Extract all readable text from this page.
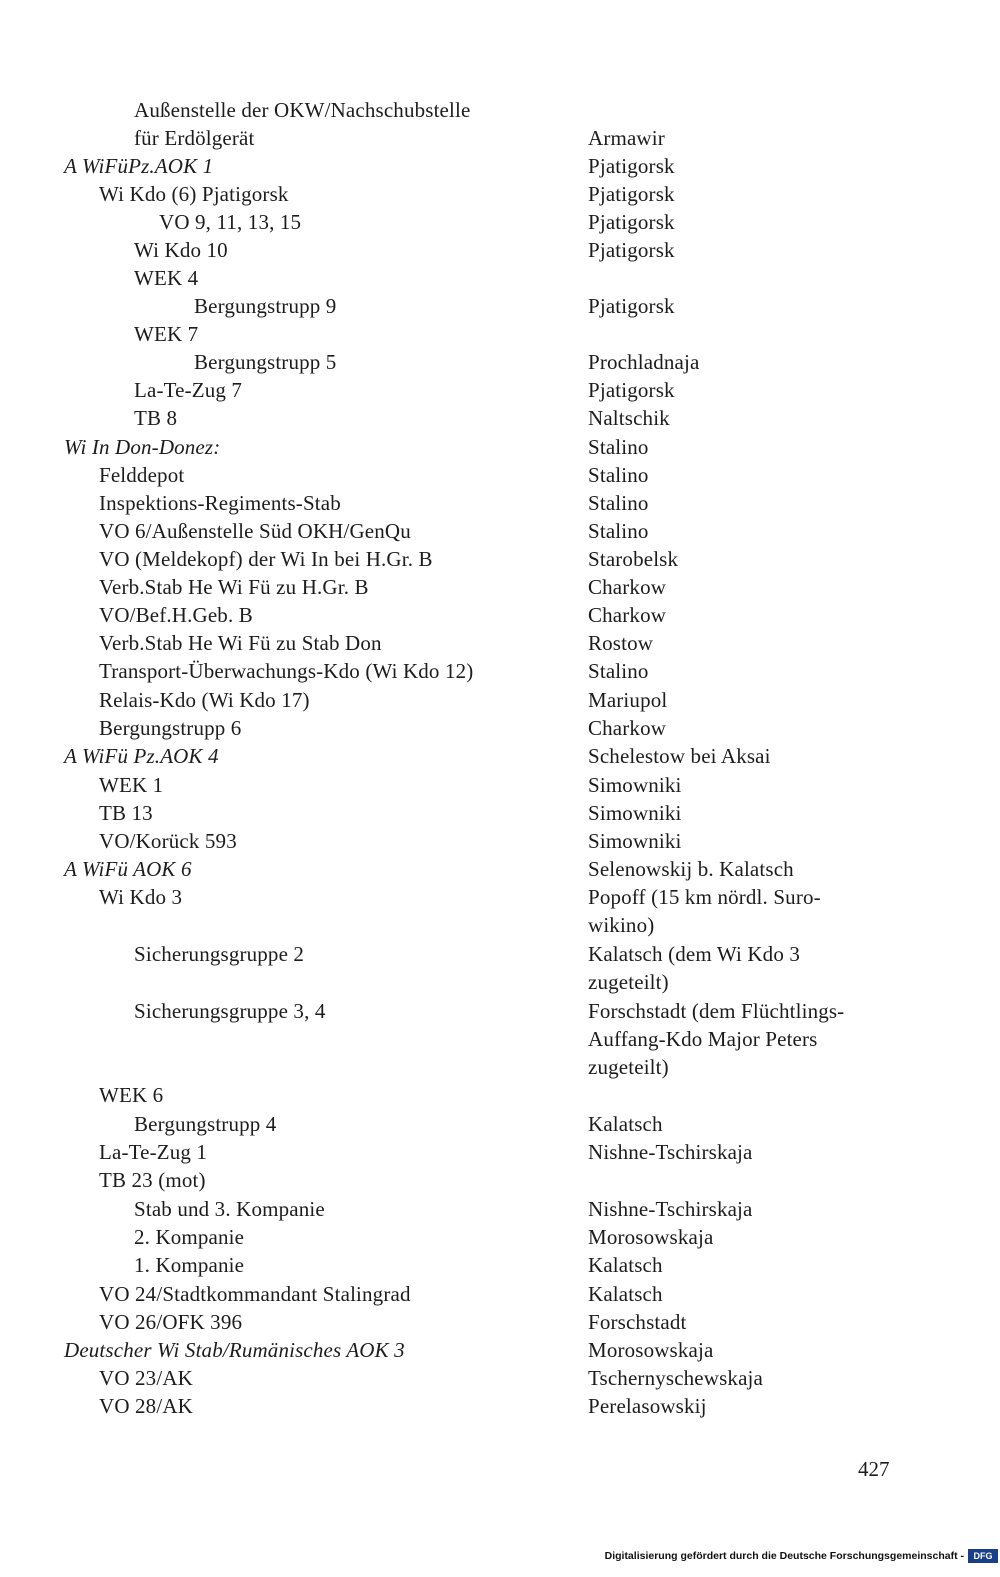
Außenstelle der OKW/Nachschubstelle
für Erdölgerät	Armawir
A WiFüPz.AOK 1	Pjatigorsk
Wi Kdo (6) Pjatigorsk	Pjatigorsk
VO 9, 11, 13, 15	Pjatigorsk
Wi Kdo 10	Pjatigorsk
WEK 4
Bergungstrupp 9	Pjatigorsk
WEK 7
Bergungstrupp 5	Prochladnaja
La-Te-Zug 7	Pjatigorsk
TB 8	Naltschik
Wi In Don-Donez:	Stalino
Felddepot	Stalino
Inspektions-Regiments-Stab	Stalino
VO 6/Außenstelle Süd OKH/GenQu	Stalino
VO (Meldekopf) der Wi In bei H.Gr. B	Starobelsk
Verb.Stab He Wi Fü zu H.Gr. B	Charkow
VO/Bef.H.Geb. B	Charkow
Verb.Stab He Wi Fü zu Stab Don	Rostow
Transport-Überwachungs-Kdo (Wi Kdo 12)	Stalino
Relais-Kdo (Wi Kdo 17)	Mariupol
Bergungstrupp 6	Charkow
A WiFü Pz.AOK 4	Schelestow bei Aksai
WEK 1	Simowniki
TB 13	Simowniki
VO/Korück 593	Simowniki
A WiFü AOK 6	Selenowskij b. Kalatsch
Wi Kdo 3	Popoff (15 km nördl. Suro-
wikino)
Sicherungsgruppe 2	Kalatsch (dem Wi Kdo 3
zugeteilt)
Sicherungsgruppe 3, 4	Forschstadt (dem Flüchtlings-
Auffang-Kdo Major Peters
zugeteilt)
WEK 6
Bergungstrupp 4	Kalatsch
La-Te-Zug 1	Nishne-Tschirskaja
TB 23 (mot)
Stab und 3. Kompanie	Nishne-Tschirskaja
2. Kompanie	Morosowskaja
1. Kompanie	Kalatsch
VO 24/Stadtkommandant Stalingrad	Kalatsch
VO 26/OFK 396	Forschstadt
Deutscher Wi Stab/Rumänisches AOK 3	Morosowskaja
VO 23/AK	Tschernyschewskaja
VO 28/AK	Perelasowskij
427
Digitalisierung gefördert durch die Deutsche Forschungsgemeinschaft -	DFG
